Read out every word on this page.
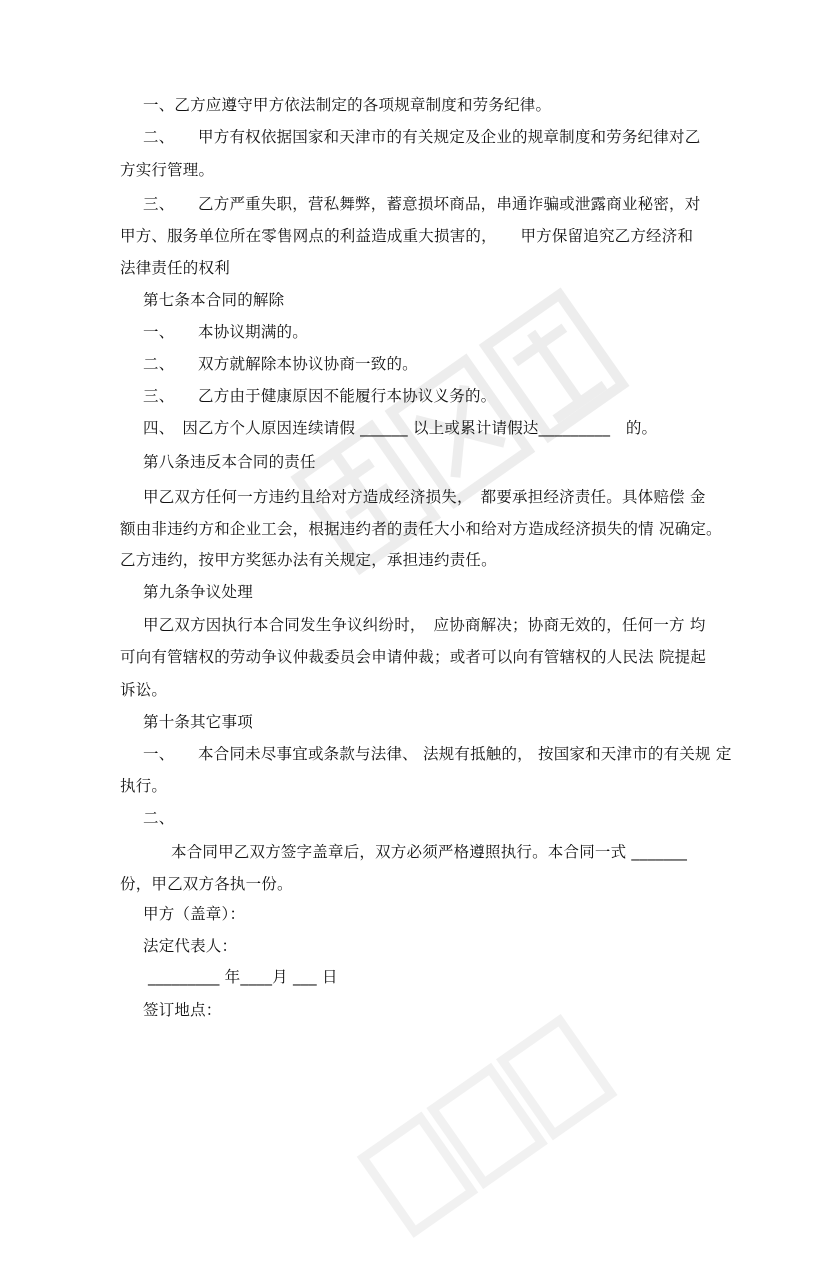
一、乙方应遵守甲方依法制定的各项规章制度和劳务纪律。
二、　　甲方有权依据国家和天津市的有关规定及企业的规章制度和劳务纪律对乙
方实行管理。
三、　　乙方严重失职，营私舞弊，蓄意损坏商品，串通诈骗或泄露商业秘密，对
甲方、服务单位所在零售网点的利益造成重大损害的，　　甲方保留追究乙方经济和
法律责任的权利
第七条本合同的解除
一、　　本协议期满的。
二、　　双方就解除本协议协商一致的。
三、　　乙方由于健康原因不能履行本协议义务的。
四、　因乙方个人原因连续请假 ______ 以上或累计请假达_________　的。
第八条违反本合同的责任
甲乙双方任何一方违约且给对方造成经济损失，　都要承担经济责任。具体赔偿 金
额由非违约方和企业工会，根据违约者的责任大小和给对方造成经济损失的情 况确定。
乙方违约，按甲方奖惩办法有关规定，承担违约责任。
第九条争议处理
甲乙双方因执行本合同发生争议纠纷时，　应协商解决；协商无效的，任何一方 均
可向有管辖权的劳动争议仲裁委员会申请仲裁；或者可以向有管辖权的人民法 院提起
诉讼。
第十条其它事项
一、　　本合同未尽事宜或条款与法律、 法规有抵触的， 按国家和天津市的有关规 定
执行。
二、
本合同甲乙双方签字盖章后，双方必须严格遵照执行。本合同一式 _______
份，甲乙双方各执一份。
甲方（盖章）：
法定代表人：
_________ 年____月 ___ 日
签订地点：
